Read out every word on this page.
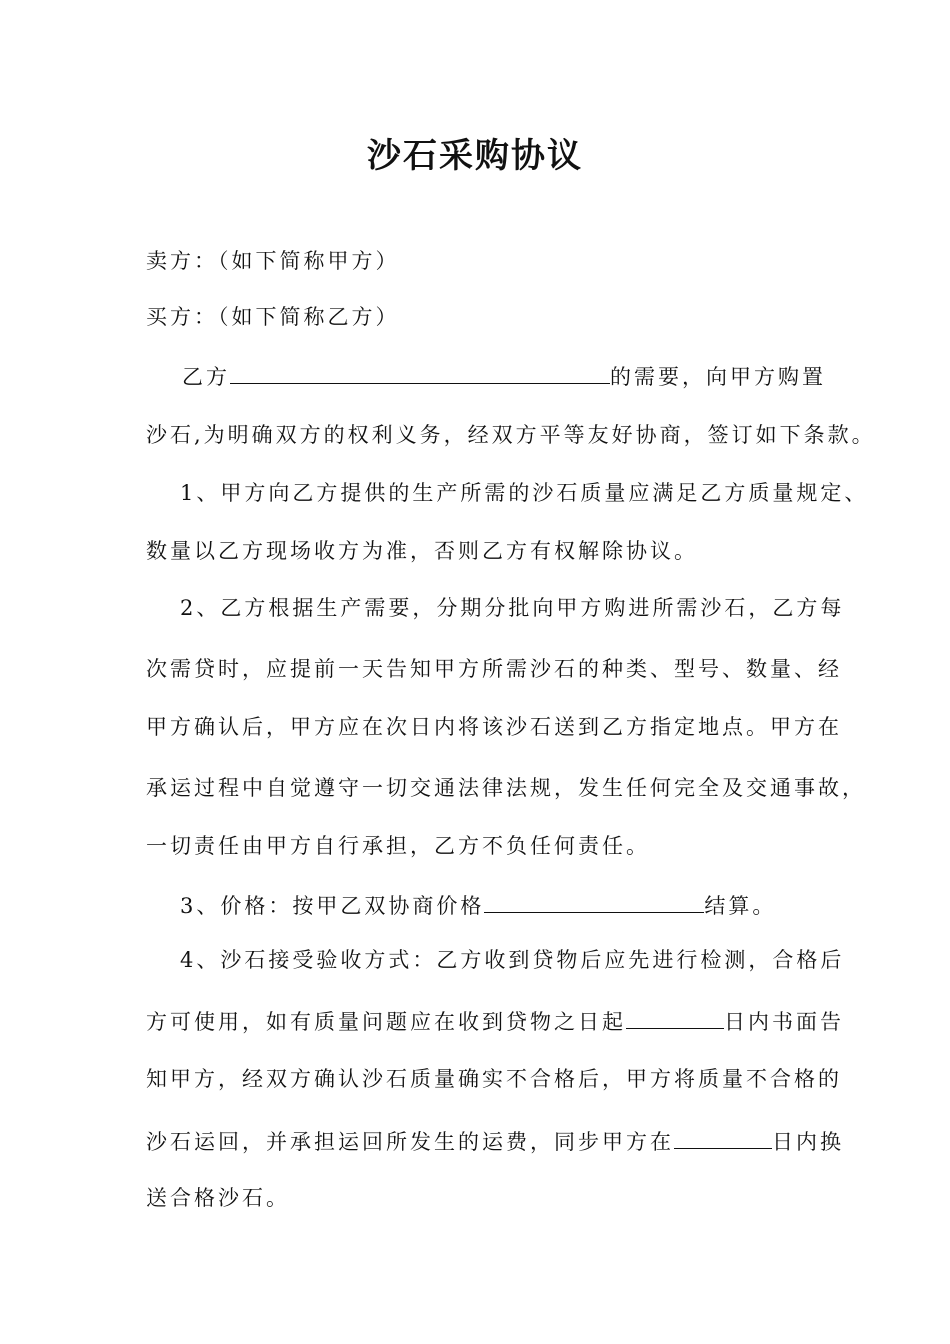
沙石采购协议
卖方：（如下简称甲方）
买方：（如下简称乙方）
乙方	的需要，向甲方购置
沙石,为明确双方的权利义务，经双方平等友好协商，签订如下条款。
1、甲方向乙方提供的生产所需的沙石质量应满足乙方质量规定、
数量以乙方现场收方为准，否则乙方有权解除协议。
2、乙方根据生产需要，分期分批向甲方购进所需沙石，乙方每
次需贷时，应提前一天告知甲方所需沙石的种类、型号、数量、经
甲方确认后，甲方应在次日内将该沙石送到乙方指定地点。甲方在
承运过程中自觉遵守一切交通法律法规，发生任何完全及交通事故，
一切责任由甲方自行承担，乙方不负任何责任。
3、价格：按甲乙双协商价格	结算。
4、沙石接受验收方式：乙方收到贷物后应先进行检测，合格后
方可使用，如有质量问题应在收到贷物之日起	日内书面告
知甲方，经双方确认沙石质量确实不合格后，甲方将质量不合格的
沙石运回，并承担运回所发生的运费，同步甲方在	日内换
送合格沙石。
